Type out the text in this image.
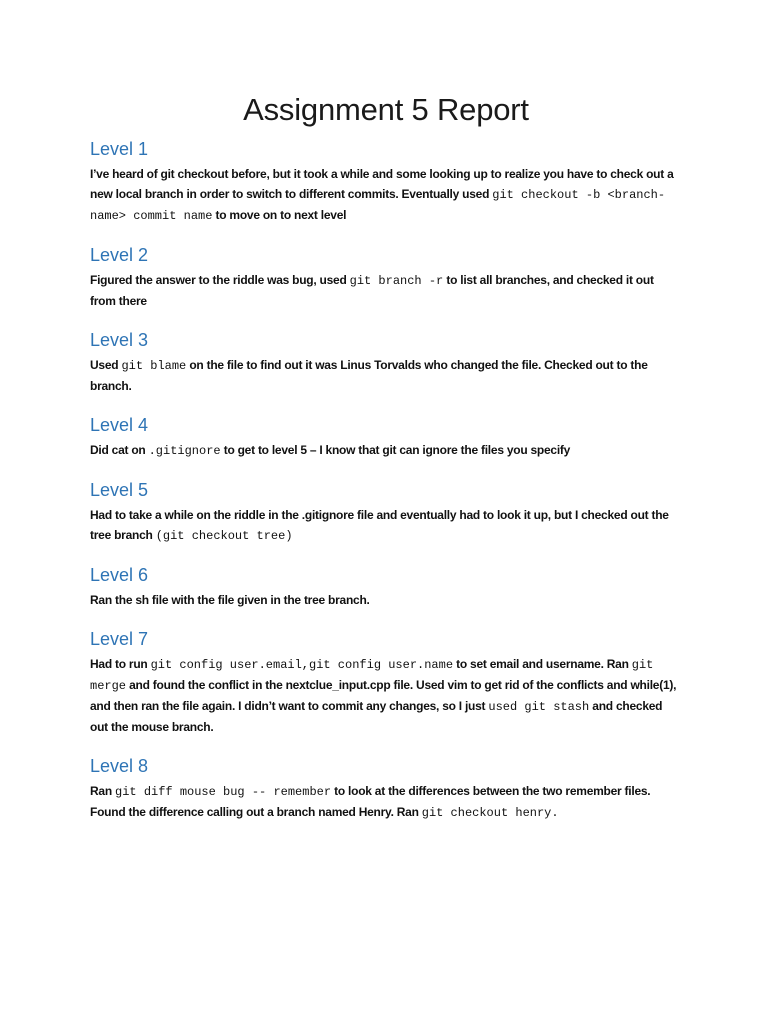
Assignment 5 Report
Level 1

I’ve heard of git checkout before, but it took a while and some looking up to realize you have to check out a new local branch in order to switch to different commits. Eventually used git checkout -b <branch-name> commit name to move on to next level

Level 2

Figured the answer to the riddle was bug, used git branch -r to list all branches, and checked it out from there

Level 3

Used git blame on the file to find out it was Linus Torvalds who changed the file. Checked out to the branch.

Level 4

Did cat on .gitignore to get to level 5 – I know that git can ignore the files you specify

Level 5

Had to take a while on the riddle in the .gitignore file and eventually had to look it up, but I checked out the tree branch (git checkout tree)

Level 6

Ran the sh file with the file given in the tree branch.

Level 7

Had to run git config user.email,git config user.name to set email and username. Ran git merge and found the conflict in the nextclue_input.cpp file. Used vim to get rid of the conflicts and while(1), and then ran the file again. I didn’t want to commit any changes, so I just used git stash and checked out the mouse branch.

Level 8

Ran git diff mouse bug -- remember to look at the differences between the two remember files. Found the difference calling out a branch named Henry. Ran git checkout henry.
